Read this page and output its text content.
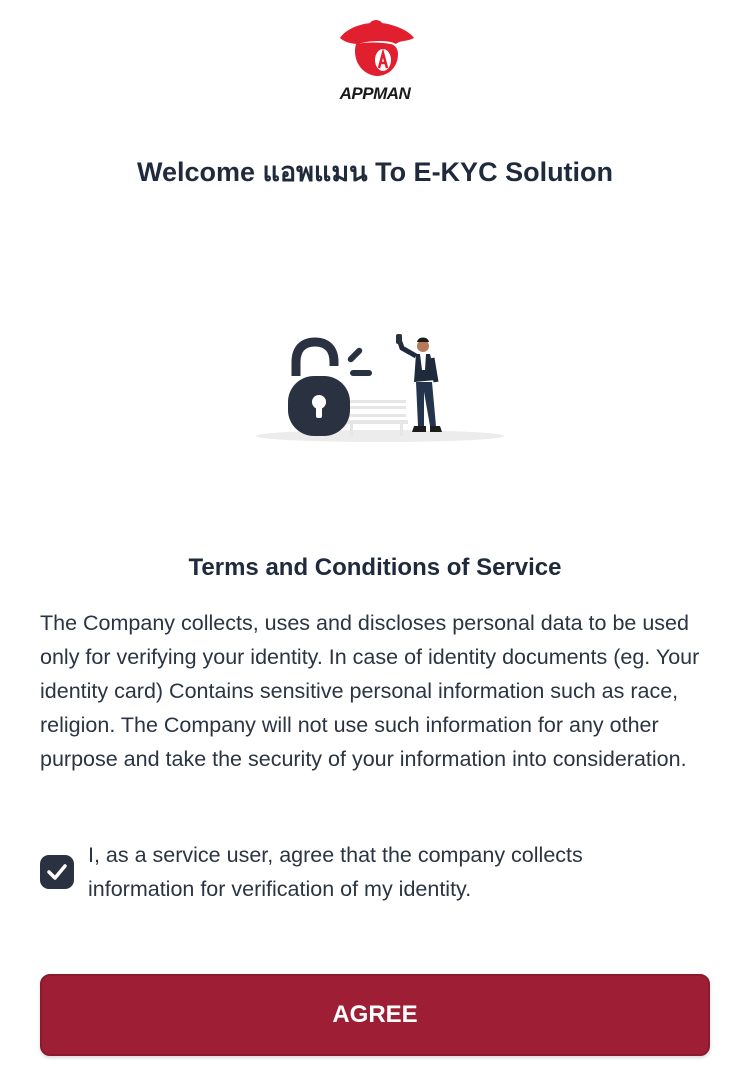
APPMAN
Welcome แอพแมน To E-KYC Solution
Terms and Conditions of Service
The Company collects, uses and discloses personal data to be used only for verifying your identity. In case of identity documents (eg. Your identity card) Contains sensitive personal information such as race, religion. The Company will not use such information for any other purpose and take the security of your information into consideration.
I, as a service user, agree that the company collects information for verification of my identity.
AGREE
